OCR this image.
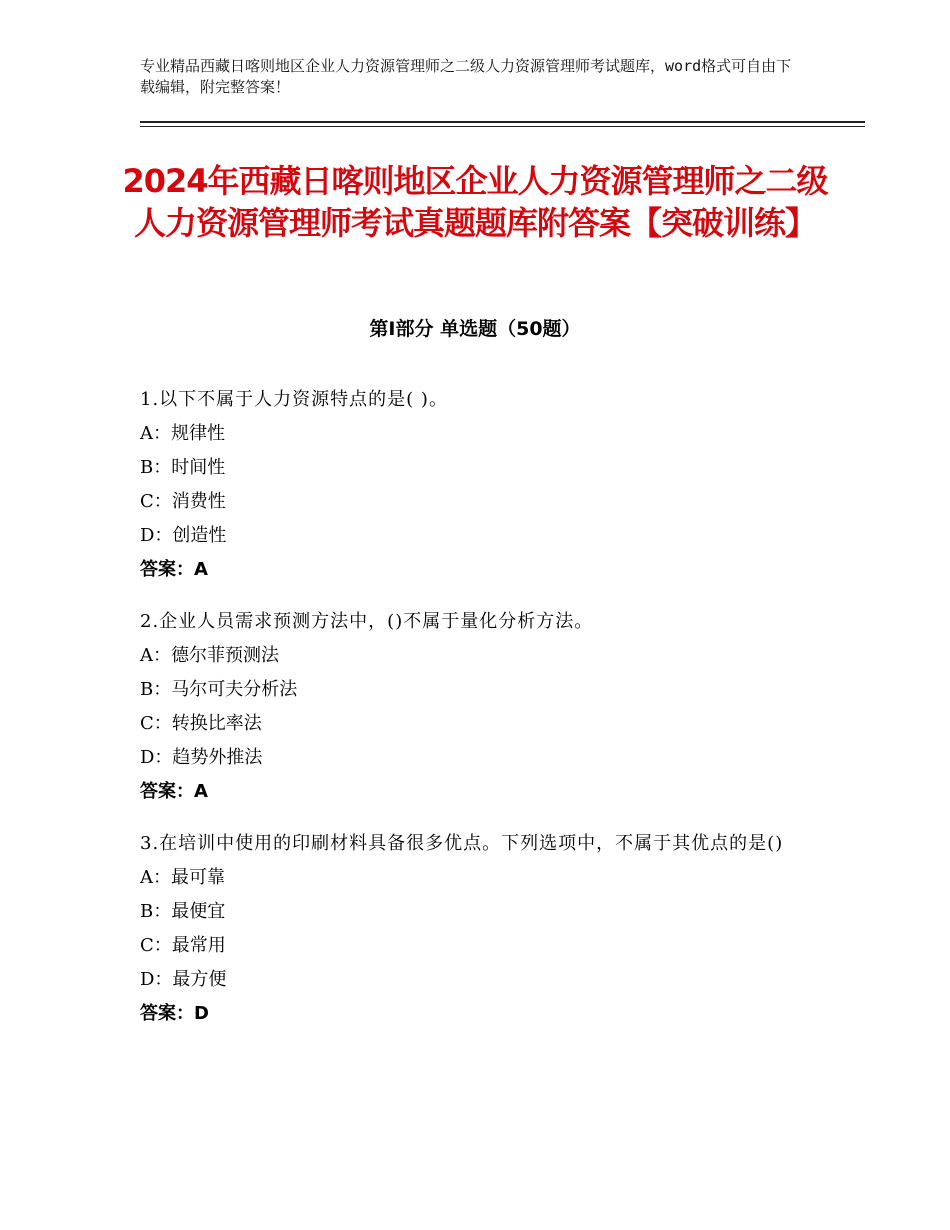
专业精品西藏日喀则地区企业人力资源管理师之二级人力资源管理师考试题库，word格式可自由下载编辑，附完整答案！
2024年西藏日喀则地区企业人力资源管理师之二级人力资源管理师考试真题题库附答案【突破训练】
第Ⅰ部分 单选题（50题）
1.以下不属于人力资源特点的是( )。
A：规律性
B：时间性
C：消费性
D：创造性
答案：A
2.企业人员需求预测方法中，()不属于量化分析方法。
A：德尔菲预测法
B：马尔可夫分析法
C：转换比率法
D：趋势外推法
答案：A
3.在培训中使用的印刷材料具备很多优点。下列选项中，不属于其优点的是()
A：最可靠
B：最便宜
C：最常用
D：最方便
答案：D
